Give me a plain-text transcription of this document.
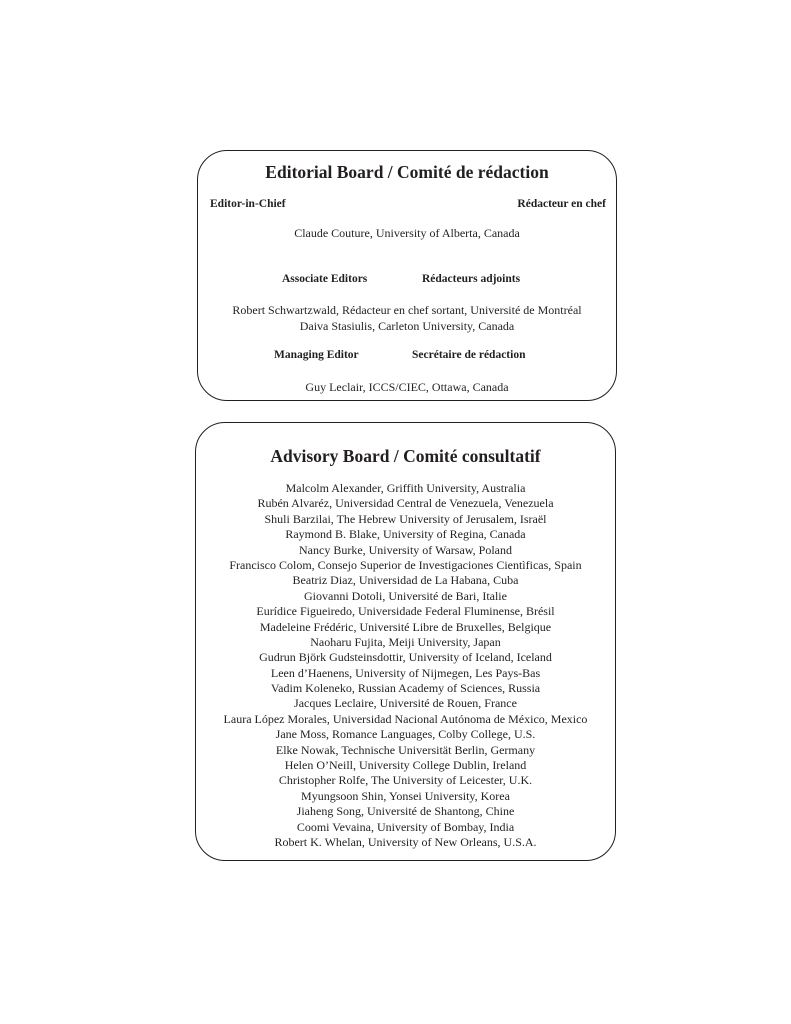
Editorial Board / Comité de rédaction
Editor-in-Chief	Rédacteur en chef
Claude Couture, University of Alberta, Canada
Associate Editors	Rédacteurs adjoints
Robert Schwartzwald, Rédacteur en chef sortant, Université de Montréal
Daiva Stasiulis, Carleton University, Canada
Managing Editor	Secrétaire de rédaction
Guy Leclair, ICCS/CIEC, Ottawa, Canada
Advisory Board / Comité consultatif
Malcolm Alexander, Griffith University, Australia
Rubén Alvaréz, Universidad Central de Venezuela, Venezuela
Shuli Barzilai, The Hebrew University of Jerusalem, Israël
Raymond B. Blake, University of Regina, Canada
Nancy Burke, University of Warsaw, Poland
Francisco Colom, Consejo Superior de Investigaciones Cientìficas, Spain
Beatriz Diaz, Universidad de La Habana, Cuba
Giovanni Dotoli, Université de Bari, Italie
Eurídice Figueiredo, Universidade Federal Fluminense, Brésil
Madeleine Frédéric, Université Libre de Bruxelles, Belgique
Naoharu Fujita, Meiji University, Japan
Gudrun Björk Gudsteinsdottir, University of Iceland, Iceland
Leen d’Haenens, University of Nijmegen, Les Pays-Bas
Vadim Koleneko, Russian Academy of Sciences, Russia
Jacques Leclaire, Université de Rouen, France
Laura López Morales, Universidad Nacional Autónoma de México, Mexico
Jane Moss, Romance Languages, Colby College, U.S.
Elke Nowak, Technische Universität Berlin, Germany
Helen O’Neill, University College Dublin, Ireland
Christopher Rolfe, The University of Leicester, U.K.
Myungsoon Shin, Yonsei University, Korea
Jiaheng Song, Université de Shantong, Chine
Coomi Vevaina, University of Bombay, India
Robert K. Whelan, University of New Orleans, U.S.A.
